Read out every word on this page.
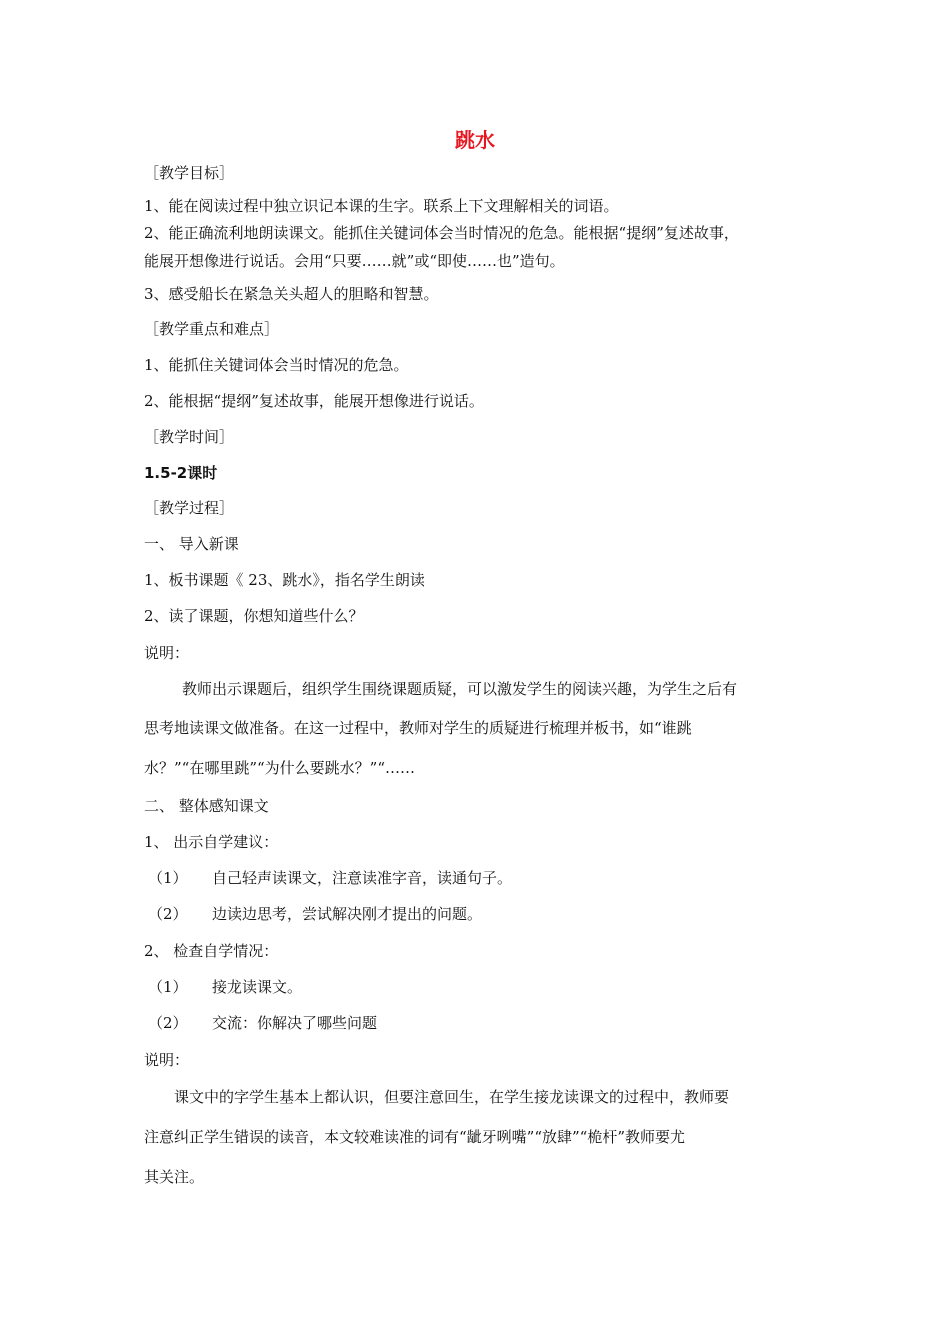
跳水
［教学目标］
1、能在阅读过程中独立识记本课的生字。联系上下文理解相关的词语。
2、能正确流利地朗读课文。能抓住关键词体会当时情况的危急。能根据“提纲”复述故事，
能展开想像进行说话。会用“只要……就”或“即使……也”造句。
3、感受船长在紧急关头超人的胆略和智慧。
［教学重点和难点］
1、能抓住关键词体会当时情况的危急。
2、能根据“提纲”复述故事，能展开想像进行说话。
［教学时间］
1.5-2课时
［教学过程］
一、 导入新课
1、板书课题《 23、跳水》，指名学生朗读
2、读了课题，你想知道些什么？
说明：
教师出示课题后，组织学生围绕课题质疑，可以激发学生的阅读兴趣，为学生之后有
思考地读课文做准备。在这一过程中，教师对学生的质疑进行梳理并板书，如“谁跳
水？”“在哪里跳”“为什么要跳水？”“……
二、 整体感知课文
1、 出示自学建议：
（1） 自己轻声读课文，注意读准字音，读通句子。
（2） 边读边思考，尝试解决刚才提出的问题。
2、 检查自学情况：
（1） 接龙读课文。
（2） 交流：你解决了哪些问题
说明：
课文中的字学生基本上都认识，但要注意回生，在学生接龙读课文的过程中，教师要
注意纠正学生错误的读音，本文较难读准的词有“龇牙咧嘴”“放肆”“桅杆”教师要尤
其关注。
